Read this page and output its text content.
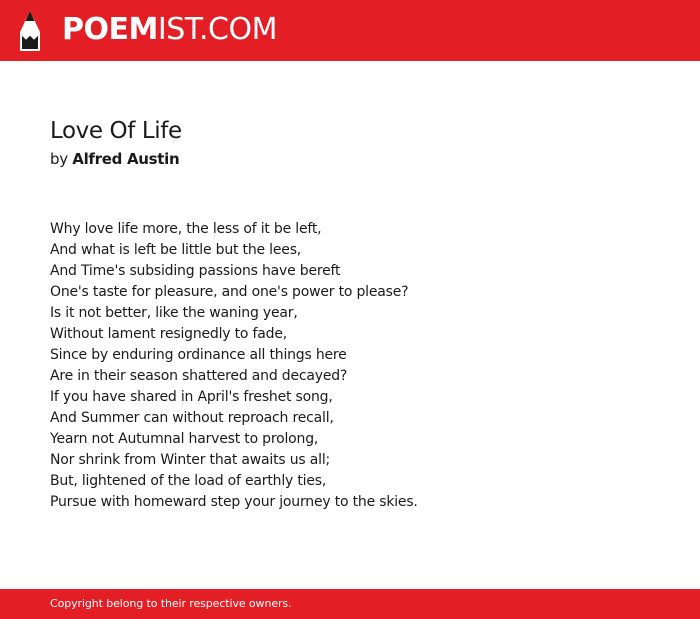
POEMIST.COM
Love Of Life
by Alfred Austin
Why love life more, the less of it be left,
And what is left be little but the lees,
And Time's subsiding passions have bereft
One's taste for pleasure, and one's power to please?
Is it not better, like the waning year,
Without lament resignedly to fade,
Since by enduring ordinance all things here
Are in their season shattered and decayed?
If you have shared in April's freshet song,
And Summer can without reproach recall,
Yearn not Autumnal harvest to prolong,
Nor shrink from Winter that awaits us all;
But, lightened of the load of earthly ties,
Pursue with homeward step your journey to the skies.
Copyright belong to their respective owners.
